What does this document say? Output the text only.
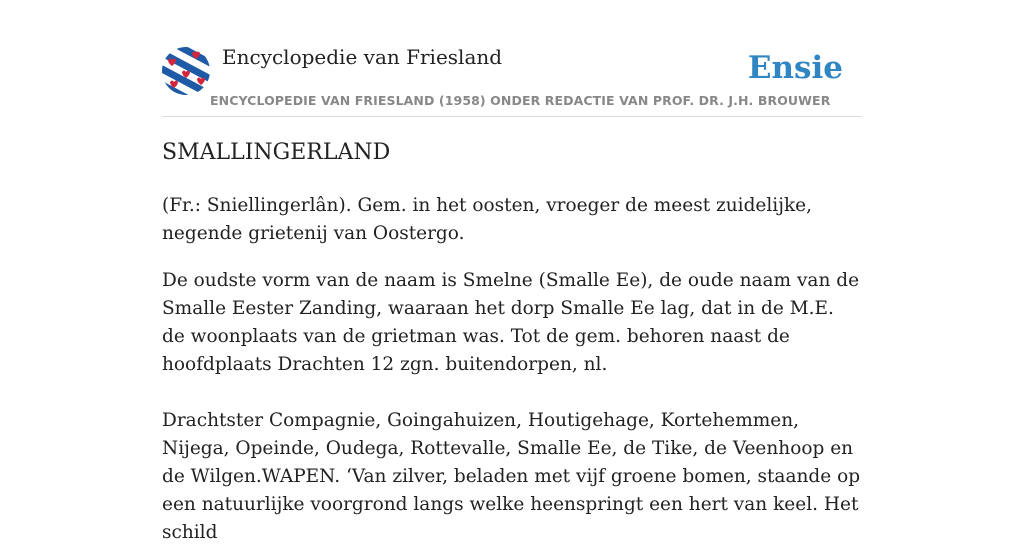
Encyclopedie van Friesland	Ensie
ENCYCLOPEDIE VAN FRIESLAND (1958) ONDER REDACTIE VAN PROF. DR. J.H. BROUWER
SMALLINGERLAND

(Fr.: Sniellingerlân). Gem. in het oosten, vroeger de meest zuidelijke, negende grietenij van Oostergo.

De oudste vorm van de naam is Smelne (Smalle Ee), de oude naam van de Smalle Eester Zanding, waaraan het dorp Smalle Ee lag, dat in de M.E. de woonplaats van de grietman was. Tot de gem. behoren naast de hoofdplaats Drachten 12 zgn. buitendorpen, nl.

Drachtster Compagnie, Goingahuizen, Houtigehage, Kortehemmen, Nijega, Opeinde, Oudega, Rottevalle, Smalle Ee, de Tike, de Veenhoop en de Wilgen.WAPEN. ‘Van zilver, beladen met vijf groene bomen, staande op een natuurlijke voorgrond langs welke heenspringt een hert van keel. Het schild
